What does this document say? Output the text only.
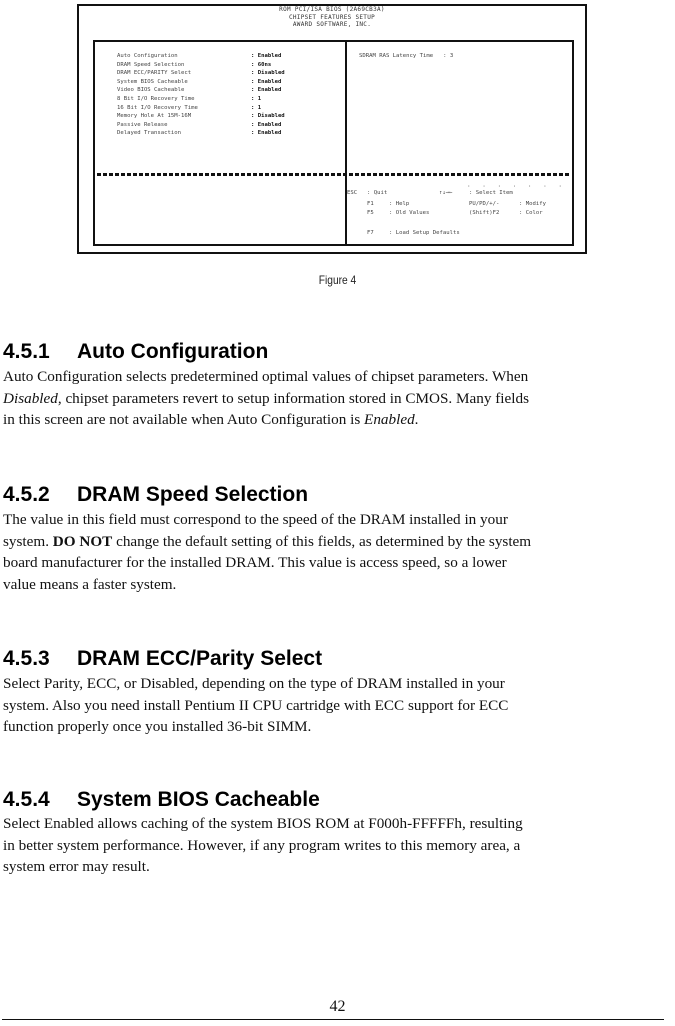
ROM PCI/ISA BIOS (2A69CB3A)
CHIPSET FEATURES SETUP
AWARD SOFTWARE, INC.
Auto Configuration	: Enabled
DRAM Speed Selection	: 60ns
DRAM ECC/PARITY Select	: Disabled
System BIOS Cacheable	: Enabled
Video BIOS Cacheable	: Enabled
8 Bit I/O Recovery Time	: 1
16 Bit I/O Recovery Time	: 1
Memory Hole At 15M-16M	: Disabled
Passive Release	: Enabled
Delayed Transaction	: Enabled
SDRAM RAS Latency Time : 3
· · · · · · ·
ESC : Quit	↑↓→←	: Select Item
F1	: Help	PU/PD/+/-	: Modify
F5	: Old Values	(Shift)F2	: Color
F7	: Load Setup Defaults
Figure 4
4.5.1 Auto Configuration

Auto Configuration selects predetermined optimal values of chipset parameters. When
Disabled, chipset parameters revert to setup information stored in CMOS. Many fields
in this screen are not available when Auto Configuration is Enabled.

4.5.2 DRAM Speed Selection

The value in this field must correspond to the speed of the DRAM installed in your
system. DO NOT change the default setting of this fields, as determined by the system
board manufacturer for the installed DRAM. This value is access speed, so a lower
value means a faster system.

4.5.3 DRAM ECC/Parity Select

Select Parity, ECC, or Disabled, depending on the type of DRAM installed in your
system. Also you need install Pentium II CPU cartridge with ECC support for ECC
function properly once you installed 36-bit SIMM.

4.5.4 System BIOS Cacheable

Select Enabled allows caching of the system BIOS ROM at F000h-FFFFFh, resulting
in better system performance. However, if any program writes to this memory area, a
system error may result.

42
